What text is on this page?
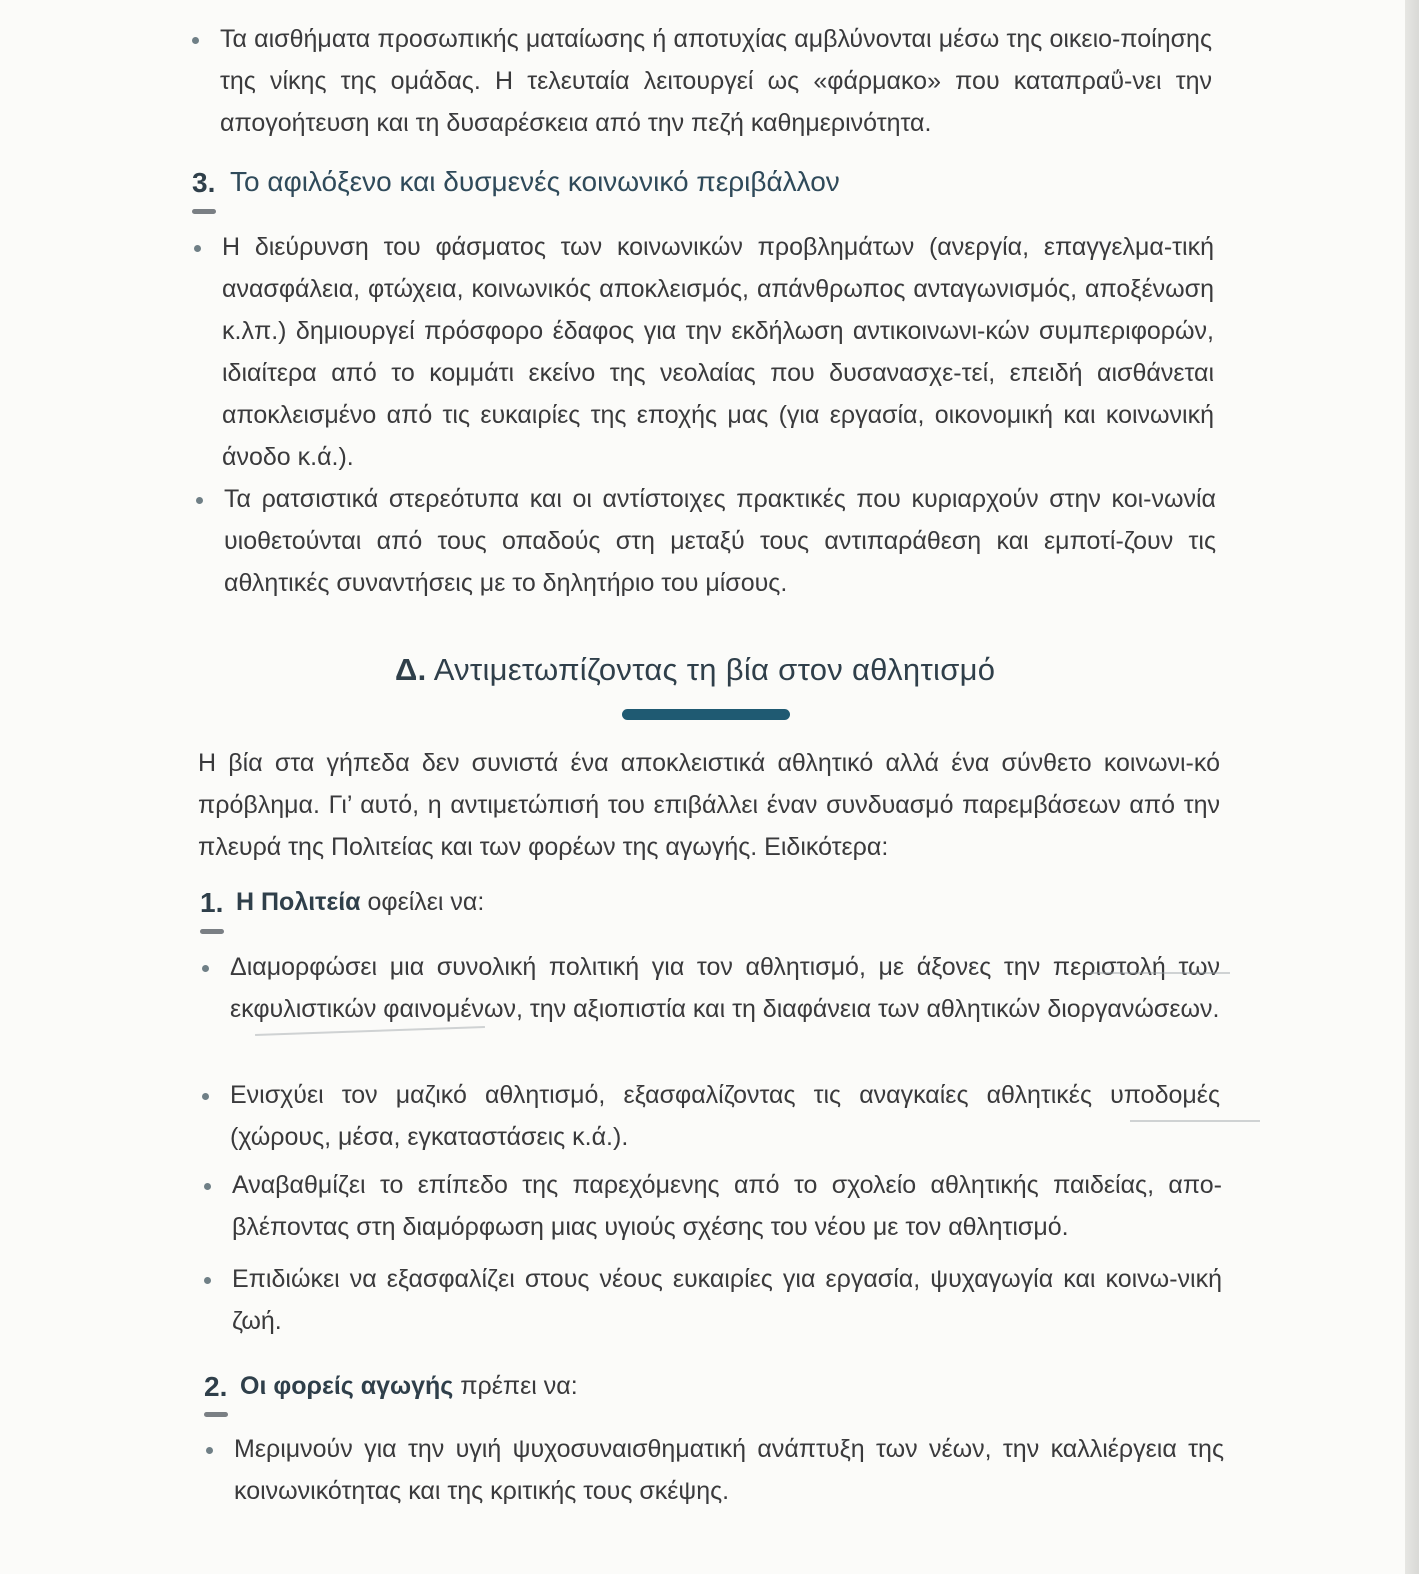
Τα αισθήματα προσωπικής ματαίωσης ή αποτυχίας αμβλύνονται μέσω της οικειο-ποίησης της νίκης της ομάδας. Η τελευταία λειτουργεί ως «φάρμακο» που καταπραΰ-νει την απογοήτευση και τη δυσαρέσκεια από την πεζή καθημερινότητα.
3. Το αφιλόξενο και δυσμενές κοινωνικό περιβάλλον
Η διεύρυνση του φάσματος των κοινωνικών προβλημάτων (ανεργία, επαγγελμα-τική ανασφάλεια, φτώχεια, κοινωνικός αποκλεισμός, απάνθρωπος ανταγωνισμός, αποξένωση κ.λπ.) δημιουργεί πρόσφορο έδαφος για την εκδήλωση αντικοινωνι-κών συμπεριφορών, ιδιαίτερα από το κομμάτι εκείνο της νεολαίας που δυσανασχε-τεί, επειδή αισθάνεται αποκλεισμένο από τις ευκαιρίες της εποχής μας (για εργασία, οικονομική και κοινωνική άνοδο κ.ά.).
Τα ρατσιστικά στερεότυπα και οι αντίστοιχες πρακτικές που κυριαρχούν στην κοι-νωνία υιοθετούνται από τους οπαδούς στη μεταξύ τους αντιπαράθεση και εμποτί-ζουν τις αθλητικές συναντήσεις με το δηλητήριο του μίσους.
Δ. Αντιμετωπίζοντας τη βία στον αθλητισμό
Η βία στα γήπεδα δεν συνιστά ένα αποκλειστικά αθλητικό αλλά ένα σύνθετο κοινωνι-κό πρόβλημα. Γι’ αυτό, η αντιμετώπισή του επιβάλλει έναν συνδυασμό παρεμβάσεων από την πλευρά της Πολιτείας και των φορέων της αγωγής. Ειδικότερα:
1. Η Πολιτεία οφείλει να:
Διαμορφώσει μια συνολική πολιτική για τον αθλητισμό, με άξονες την περιστολή των εκφυλιστικών φαινομένων, την αξιοπιστία και τη διαφάνεια των αθλητικών διοργανώσεων.
Ενισχύει τον μαζικό αθλητισμό, εξασφαλίζοντας τις αναγκαίες αθλητικές υποδομές (χώρους, μέσα, εγκαταστάσεις κ.ά.).
Αναβαθμίζει το επίπεδο της παρεχόμενης από το σχολείο αθλητικής παιδείας, απο-βλέποντας στη διαμόρφωση μιας υγιούς σχέσης του νέου με τον αθλητισμό.
Επιδιώκει να εξασφαλίζει στους νέους ευκαιρίες για εργασία, ψυχαγωγία και κοινω-νική ζωή.
2. Οι φορείς αγωγής πρέπει να:
Μεριμνούν για την υγιή ψυχοσυναισθηματική ανάπτυξη των νέων, την καλλιέργεια της κοινωνικότητας και της κριτικής τους σκέψης.
